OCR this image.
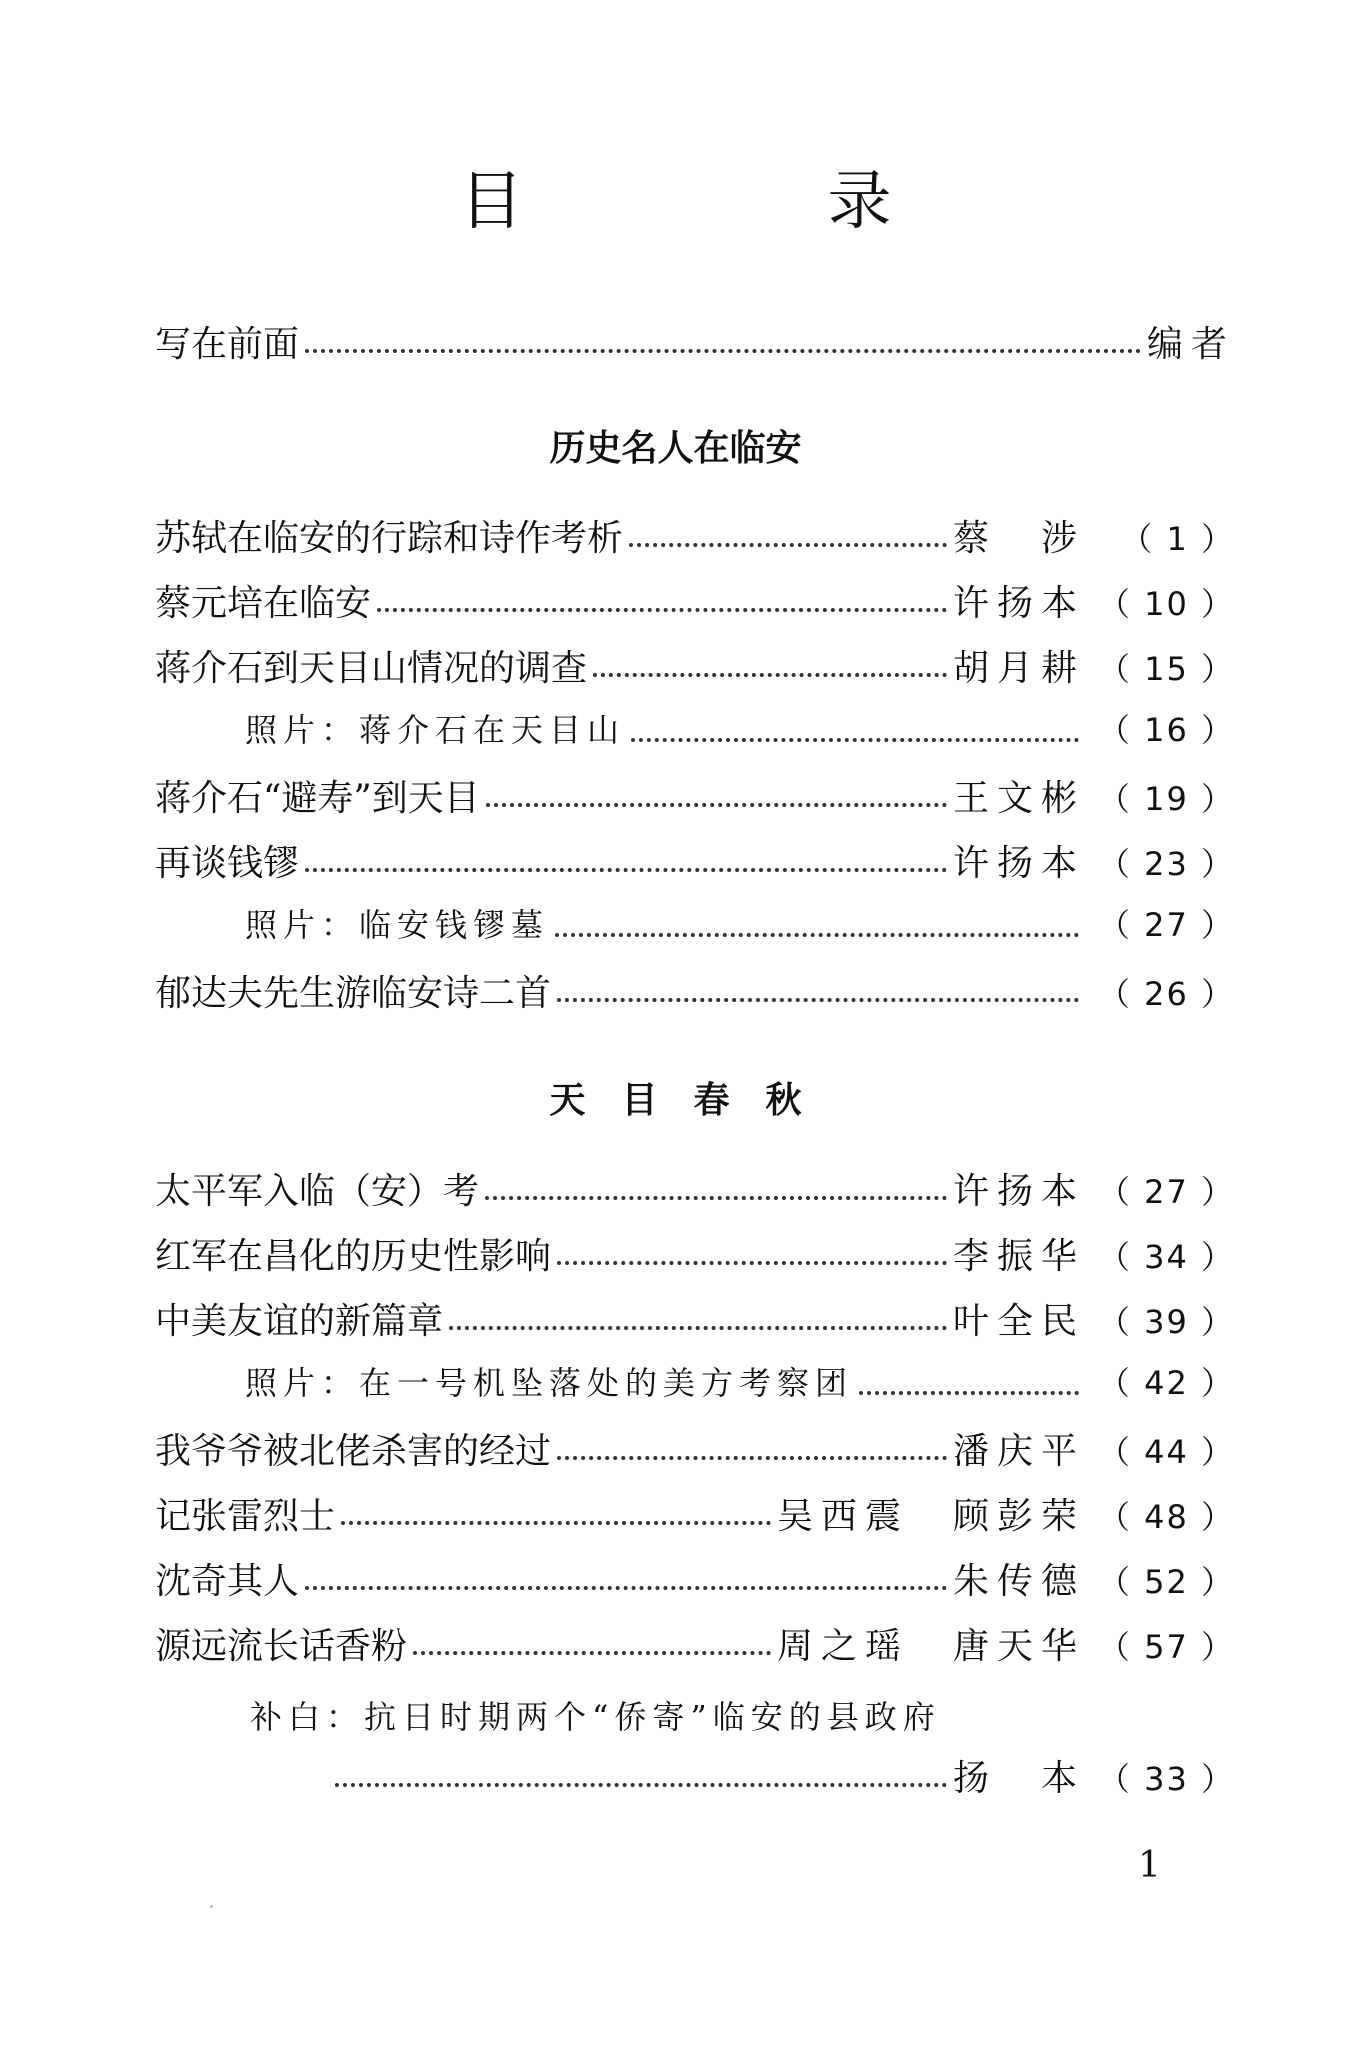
目　录
写在前面	编者
历史名人在临安
苏轼在临安的行踪和诗作考析	蔡　涉	（ 1 ）
蔡元培在临安	许扬本 （ 10 ）
蒋介石到天目山情况的调查	胡月耕 （ 15 ）
照片：蒋介石在天目山	（ 16 ）
蒋介石“避寿”到天目	王文彬 （ 19 ）
再谈钱镠	许扬本 （ 23 ）
照片：临安钱镠墓	（ 27 ）
郁达夫先生游临安诗二首	（ 26 ）
天　目　春　秋
太平军入临（安）考	许扬本 （ 27 ）
红军在昌化的历史性影响	李振华 （ 34 ）
中美友谊的新篇章	叶全民 （ 39 ）
照片：在一号机坠落处的美方考察团	（ 42 ）
我爷爷被北佬杀害的经过	潘庆平 （ 44 ）
记张雷烈士	吴西震　顾彭荣 （ 48 ）
沈奇其人	朱传德 （ 52 ）
源远流长话香粉	周之瑶　唐天华 （ 57 ）
补白：抗日时期两个“侨寄”临安的县政府
扬　本 （ 33 ）
1
